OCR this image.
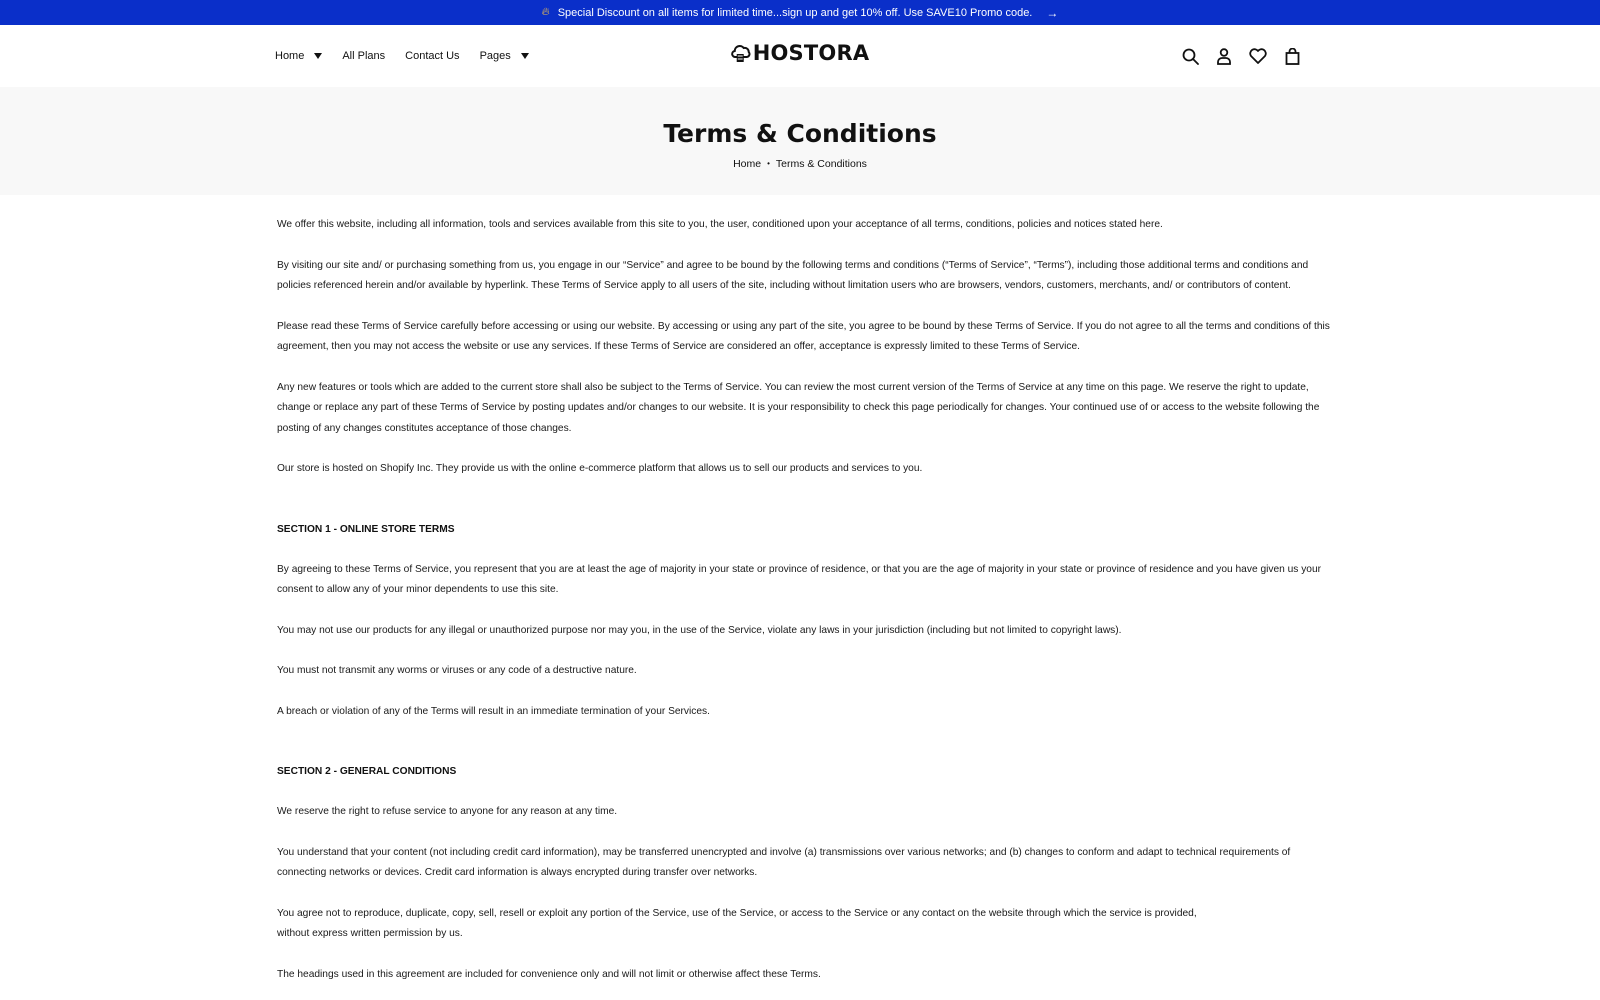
🔥︎ Special Discount on all items for limited time...sign up and get 10% off. Use SAVE10 Promo code. →
Home	All Plans Contact Us Pages	HOSTORA
Terms & Conditions
Home • Terms & Conditions

We offer this website, including all information, tools and services available from this site to you, the user, conditioned upon your acceptance of all terms, conditions, policies and notices stated here.

By visiting our site and/ or purchasing something from us, you engage in our “Service” and agree to be bound by the following terms and conditions (“Terms of Service”, “Terms”), including those additional terms and conditions and policies referenced herein and/or available by hyperlink. These Terms of Service apply to all users of the site, including without limitation users who are browsers, vendors, customers, merchants, and/ or contributors of content.

Please read these Terms of Service carefully before accessing or using our website. By accessing or using any part of the site, you agree to be bound by these Terms of Service. If you do not agree to all the terms and conditions of this agreement, then you may not access the website or use any services. If these Terms of Service are considered an offer, acceptance is expressly limited to these Terms of Service.

Any new features or tools which are added to the current store shall also be subject to the Terms of Service. You can review the most current version of the Terms of Service at any time on this page. We reserve the right to update, change or replace any part of these Terms of Service by posting updates and/or changes to our website. It is your responsibility to check this page periodically for changes. Your continued use of or access to the website following the posting of any changes constitutes acceptance of those changes.

Our store is hosted on Shopify Inc. They provide us with the online e-commerce platform that allows us to sell our products and services to you.

SECTION 1 - ONLINE STORE TERMS

By agreeing to these Terms of Service, you represent that you are at least the age of majority in your state or province of residence, or that you are the age of majority in your state or province of residence and you have given us your consent to allow any of your minor dependents to use this site.

You may not use our products for any illegal or unauthorized purpose nor may you, in the use of the Service, violate any laws in your jurisdiction (including but not limited to copyright laws).

You must not transmit any worms or viruses or any code of a destructive nature.

A breach or violation of any of the Terms will result in an immediate termination of your Services.

SECTION 2 - GENERAL CONDITIONS

We reserve the right to refuse service to anyone for any reason at any time.

You understand that your content (not including credit card information), may be transferred unencrypted and involve (a) transmissions over various networks; and (b) changes to conform and adapt to technical requirements of connecting networks or devices. Credit card information is always encrypted during transfer over networks.

You agree not to reproduce, duplicate, copy, sell, resell or exploit any portion of the Service, use of the Service, or access to the Service or any contact on the website through which the service is provided, without express written permission by us.

The headings used in this agreement are included for convenience only and will not limit or otherwise affect these Terms.
